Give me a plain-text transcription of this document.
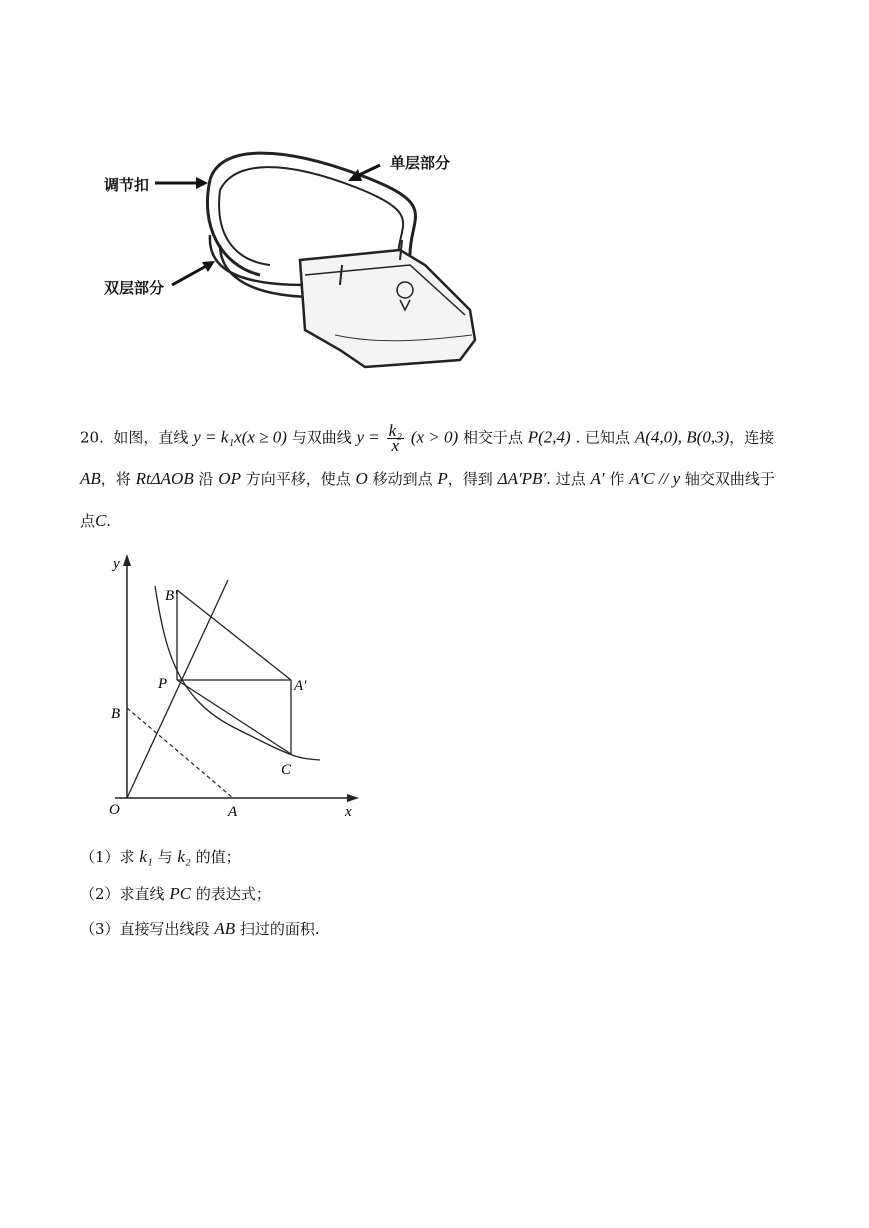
调节扣
单层部分
双层部分
20. 如图，直线 y = k₁x(x ≥ 0) 与双曲线 $y = \frac{\text{k₂}}{x} (x > 0)$ 相交于点 P(2,4) . 已知点 A(4,0), B(0,3)，连接
AB，将 RtΔAOB 沿 OP 方向平移，使点 O 移动到点 P，得到 ΔA′PB′. 过点 A′ 作 A′C // y 轴交双曲线于
点C.
y
x
O	A
B
P
B′
A′
C
（1）求 k₁ 与 k₂ 的值；
（2）求直线 PC 的表达式；
（3）直接写出线段 AB 扫过的面积.
